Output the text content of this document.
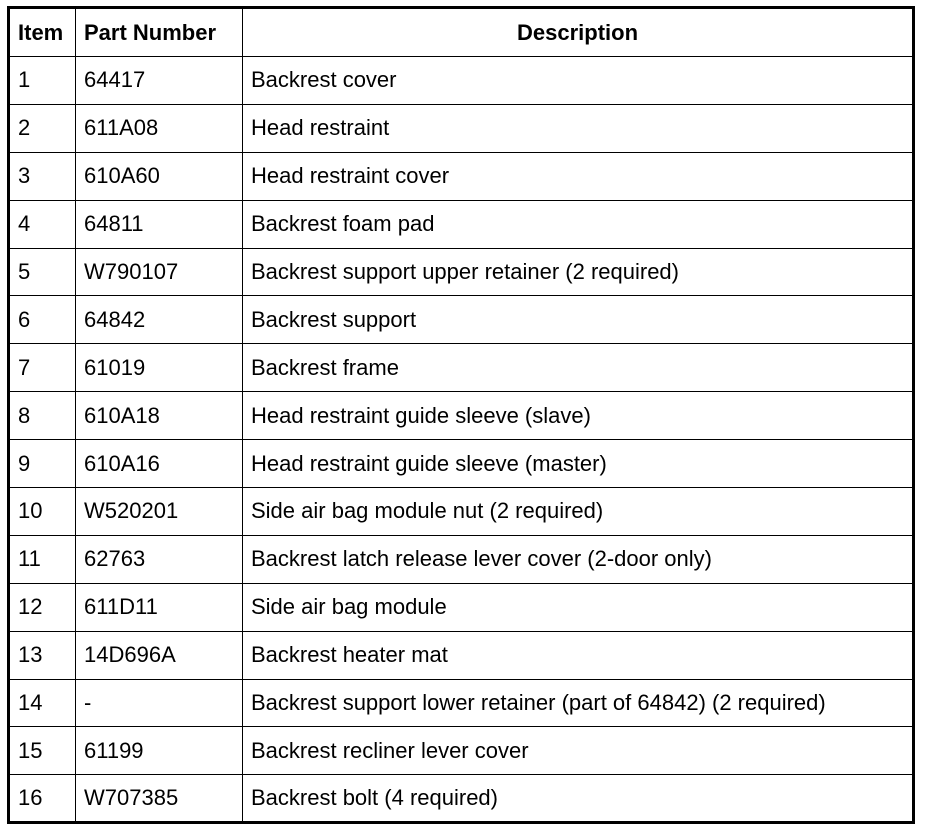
Item	Part Number	Description
1	64417	Backrest cover
2	611A08	Head restraint
3	610A60	Head restraint cover
4	64811	Backrest foam pad
5	W790107	Backrest support upper retainer (2 required)
6	64842	Backrest support
7	61019	Backrest frame
8	610A18	Head restraint guide sleeve (slave)
9	610A16	Head restraint guide sleeve (master)
10	W520201	Side air bag module nut (2 required)
11	62763	Backrest latch release lever cover (2-door only)
12	611D11	Side air bag module
13	14D696A	Backrest heater mat
14	-	Backrest support lower retainer (part of 64842) (2 required)
15	61199	Backrest recliner lever cover
16	W707385	Backrest bolt (4 required)
